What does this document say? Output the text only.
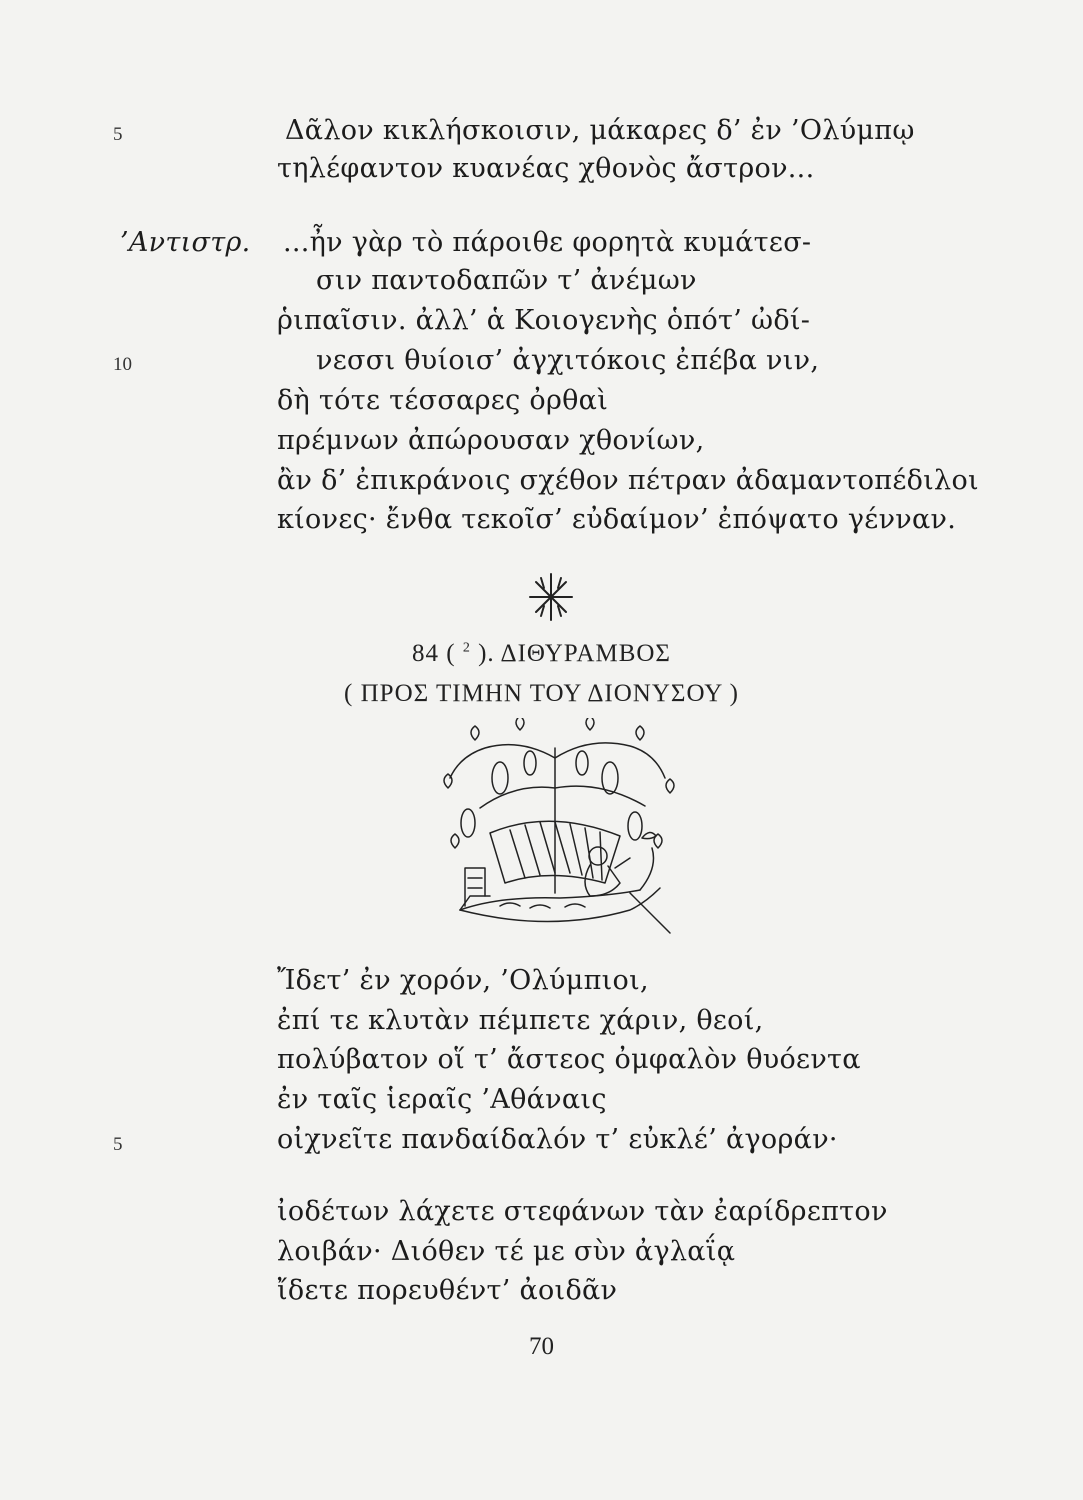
5	Δᾶλον κικλήσκοισιν, μάκαρες δ’ ἐν ’Ολύμπῳ
τηλέφαντον κυανέας χθονὸς ἄστρον...
’Αντιστρ. ...ἦν γὰρ τὸ πάροιθε φορητὰ κυμάτεσ-
σιν παντοδαπῶν τ’ ἀνέμων
ῥιπαῖσιν. ἀλλ’ ἁ Κοιογενὴς ὁπότ’ ὠδί-
10	νεσσι θυίοισ’ ἀγχιτόκοις ἐπέβα νιν,
δὴ τότε τέσσαρες ὀρθαὶ
πρέμνων ἀπώρουσαν χθονίων,
ἂν δ’ ἐπικράνοις σχέθον πέτραν ἀδαμαντοπέδιλοι
κίονες· ἔνθα τεκοῖσ’ εὐδαίμον’ ἐπόψατο γένναν.
84 ( $^2$ ). ΔΙΘΥΡΑΜΒΟΣ
( ΠΡΟΣ ΤΙΜΗΝ ΤΟΥ ΔΙΟΝΥΣΟΥ )
Ἴδετ’ ἐν χορόν, ’Ολύμπιοι,
ἐπί τε κλυτὰν πέμπετε χάριν, θεοί,
πολύβατον οἵ τ’ ἄστεος ὀμφαλὸν θυόεντα
ἐν ταῖς ἱεραῖς ’Αθάναις
5	οἰχνεῖτε πανδαίδαλόν τ’ εὐκλέ’ ἀγοράν·
ἰοδέτων λάχετε στεφάνων τὰν ἐαρίδρεπτον
λοιβάν· Διόθεν τέ με σὺν ἀγλαΐᾳ
ἴδετε πορευθέντ’ ἀοιδᾶν
70
